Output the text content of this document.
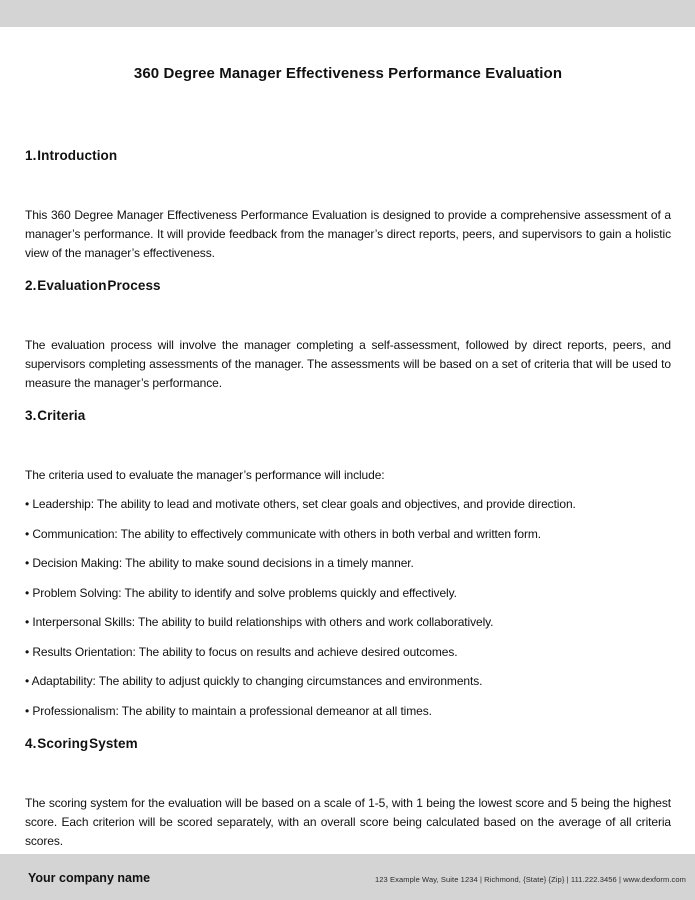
360 Degree Manager Effectiveness Performance Evaluation
1. Introduction

This 360 Degree Manager Effectiveness Performance Evaluation is designed to provide a comprehensive assessment of a manager’s performance. It will provide feedback from the manager’s direct reports, peers, and supervisors to gain a holistic view of the manager’s effectiveness.

2. Evaluation Process

The evaluation process will involve the manager completing a self-assessment, followed by direct reports, peers, and supervisors completing assessments of the manager. The assessments will be based on a set of criteria that will be used to measure the manager’s performance.

3. Criteria

The criteria used to evaluate the manager’s performance will include:

• Leadership: The ability to lead and motivate others, set clear goals and objectives, and provide direction.
• Communication: The ability to effectively communicate with others in both verbal and written form.
• Decision Making: The ability to make sound decisions in a timely manner.
• Problem Solving: The ability to identify and solve problems quickly and effectively.
• Interpersonal Skills: The ability to build relationships with others and work collaboratively.
• Results Orientation: The ability to focus on results and achieve desired outcomes.
• Adaptability: The ability to adjust quickly to changing circumstances and environments.
• Professionalism: The ability to maintain a professional demeanor at all times.
4. Scoring System

The scoring system for the evaluation will be based on a scale of 1-5, with 1 being the lowest score and 5 being the highest score. Each criterion will be scored separately, with an overall score being calculated based on the average of all criteria scores.

Your company name	123 Example Way, Suite 1234 | Richmond, {State} {Zip} | 111.222.3456 | www.dexform.com
